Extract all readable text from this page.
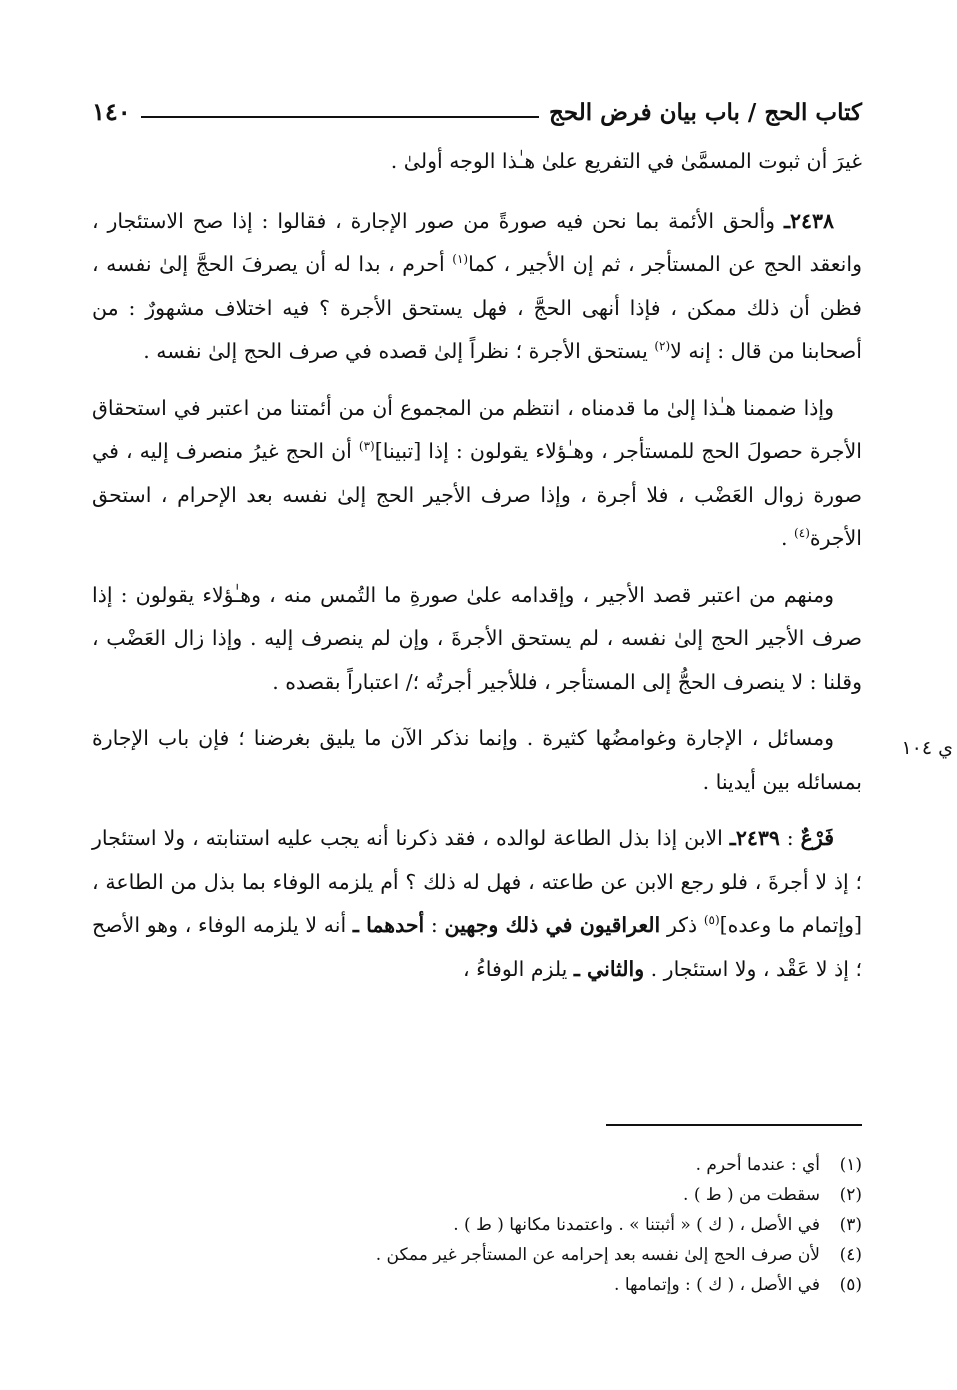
كتاب الحج / باب بيان فرض الحج
١٤٠
ي ١٠٤

غيرَ أن ثبوت المسمَّىٰ في التفريع علىٰ هـٰذا الوجه أولىٰ .

٢٤٣٨ـ وألحق الأئمة بما نحن فيه صورةً من صور الإجارة ، فقالوا : إذا صح الاستئجار ، وانعقد الحج عن المستأجر ، ثم إن الأجير ، كما$^{(١)}$ أحرم ، بدا له أن يصرفَ الحجَّ إلىٰ نفسه ، فظن أن ذلك ممكن ، فإذا أنهى الحجَّ ، فهل يستحق الأجرة ؟ فيه اختلاف مشهورٌ : من أصحابنا من قال : إنه لا$^{(٢)}$ يستحق الأجرة ؛ نظراً إلىٰ قصده في صرف الحج إلىٰ نفسه .

وإذا ضممنا هـٰذا إلىٰ ما قدمناه ، انتظم من المجموع أن من أئمتنا من اعتبر في استحقاق الأجرة حصولَ الحج للمستأجر ، وهـٰؤلاء يقولون : إذا [تبينا]$^{(٣)}$ أن الحج غيرُ منصرف إليه ، في صورة زوال العَضْب ، فلا أجرة ، وإذا صرف الأجير الحج إلىٰ نفسه بعد الإحرام ، استحق الأجرة$^{(٤)}$ .

ومنهم من اعتبر قصد الأجير ، وإقدامه علىٰ صورةِ ما التُمس منه ، وهـٰؤلاء يقولون : إذا صرف الأجير الحج إلىٰ نفسه ، لم يستحق الأجرةَ ، وإن لم ينصرف إليه . وإذا زال العَضْب ، وقلنا : لا ينصرف الحجُّ إلى المستأجر ، فللأجير أجرتُه ؛/ اعتباراً بقصده .

ومسائل ، الإجارة وغوامضُها كثيرة . وإنما نذكر الآن ما يليق بغرضنا ؛ فإن باب الإجارة بمسائله بين أيدينا .

فَرْعٌ : ٢٤٣٩ـ الابن إذا بذل الطاعة لوالده ، فقد ذكرنا أنه يجب عليه استنابته ، ولا استئجار ؛ إذ لا أجرةَ ، فلو رجع الابن عن طاعته ، فهل له ذلك ؟ أم يلزمه الوفاء بما بذل من الطاعة ، [وإتمام ما وعده]$^{(٥)}$ ذكر العراقيون في ذلك وجهين : أحدهما ـ أنه لا يلزمه الوفاء ، وهو الأصح ؛ إذ لا عَقْد ، ولا استئجار . والثاني ـ يلزم الوفاءُ ،

(١)
أي : عندما أحرم .
(٢)
سقطت من ( ط ) .
(٣)
في الأصل ، ( ك ) « أثبتنا » . واعتمدنا مكانها ( ط ) .
(٤)
لأن صرف الحج إلىٰ نفسه بعد إحرامه عن المستأجر غير ممكن .
(٥)
في الأصل ، ( ك ) : وإتمامها .
